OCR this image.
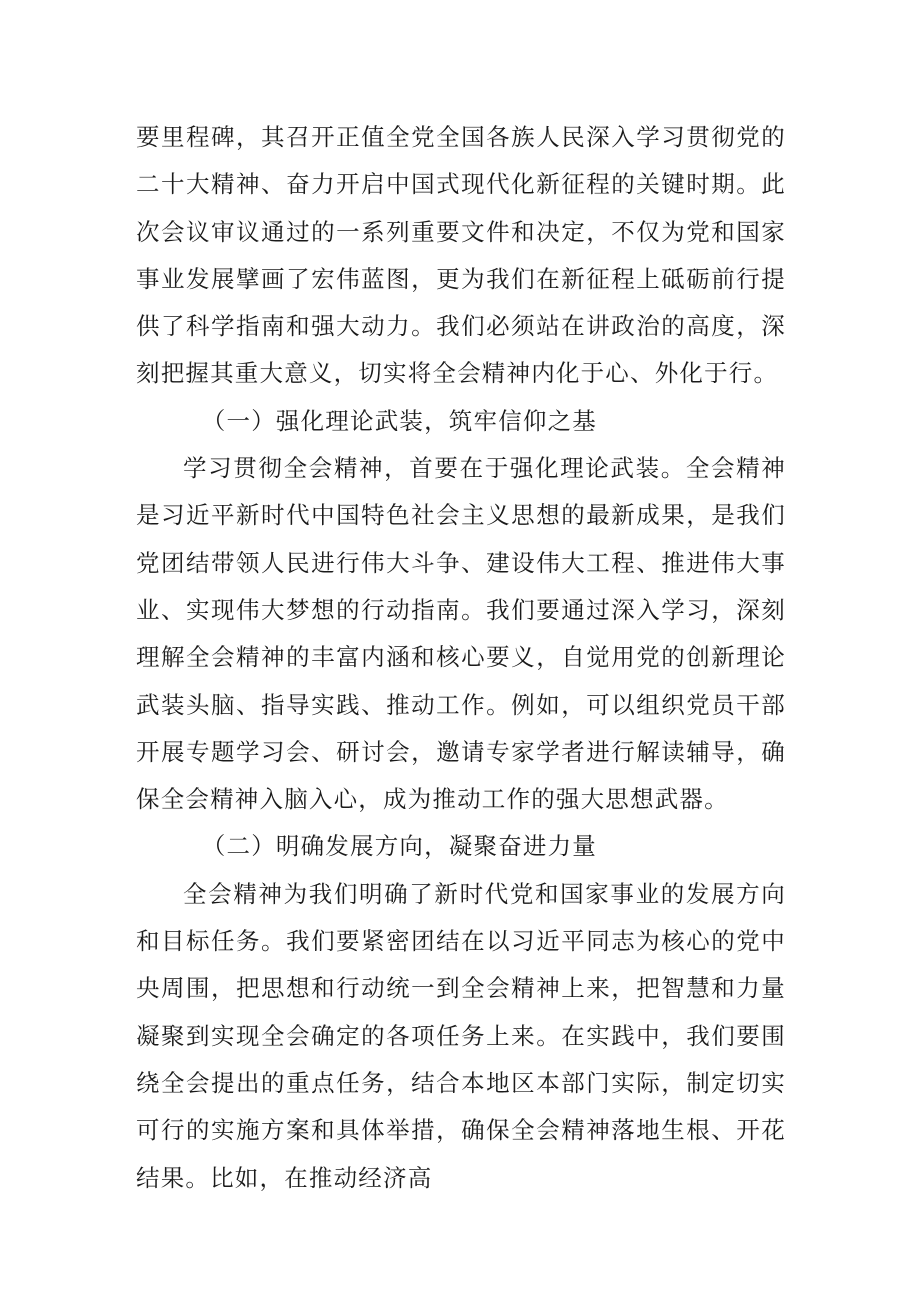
要里程碑，其召开正值全党全国各族人民深入学习贯彻党的二十大精神、奋力开启中国式现代化新征程的关键时期。此次会议审议通过的一系列重要文件和决定，不仅为党和国家事业发展擘画了宏伟蓝图，更为我们在新征程上砥砺前行提供了科学指南和强大动力。我们必须站在讲政治的高度，深刻把握其重大意义，切实将全会精神内化于心、外化于行。

（一）强化理论武装，筑牢信仰之基

学习贯彻全会精神，首要在于强化理论武装。全会精神是习近平新时代中国特色社会主义思想的最新成果，是我们党团结带领人民进行伟大斗争、建设伟大工程、推进伟大事业、实现伟大梦想的行动指南。我们要通过深入学习，深刻理解全会精神的丰富内涵和核心要义，自觉用党的创新理论武装头脑、指导实践、推动工作。例如，可以组织党员干部开展专题学习会、研讨会，邀请专家学者进行解读辅导，确保全会精神入脑入心，成为推动工作的强大思想武器。

（二）明确发展方向，凝聚奋进力量

全会精神为我们明确了新时代党和国家事业的发展方向和目标任务。我们要紧密团结在以习近平同志为核心的党中央周围，把思想和行动统一到全会精神上来，把智慧和力量凝聚到实现全会确定的各项任务上来。在实践中，我们要围绕全会提出的重点任务，结合本地区本部门实际，制定切实可行的实施方案和具体举措，确保全会精神落地生根、开花结果。比如，在推动经济高
